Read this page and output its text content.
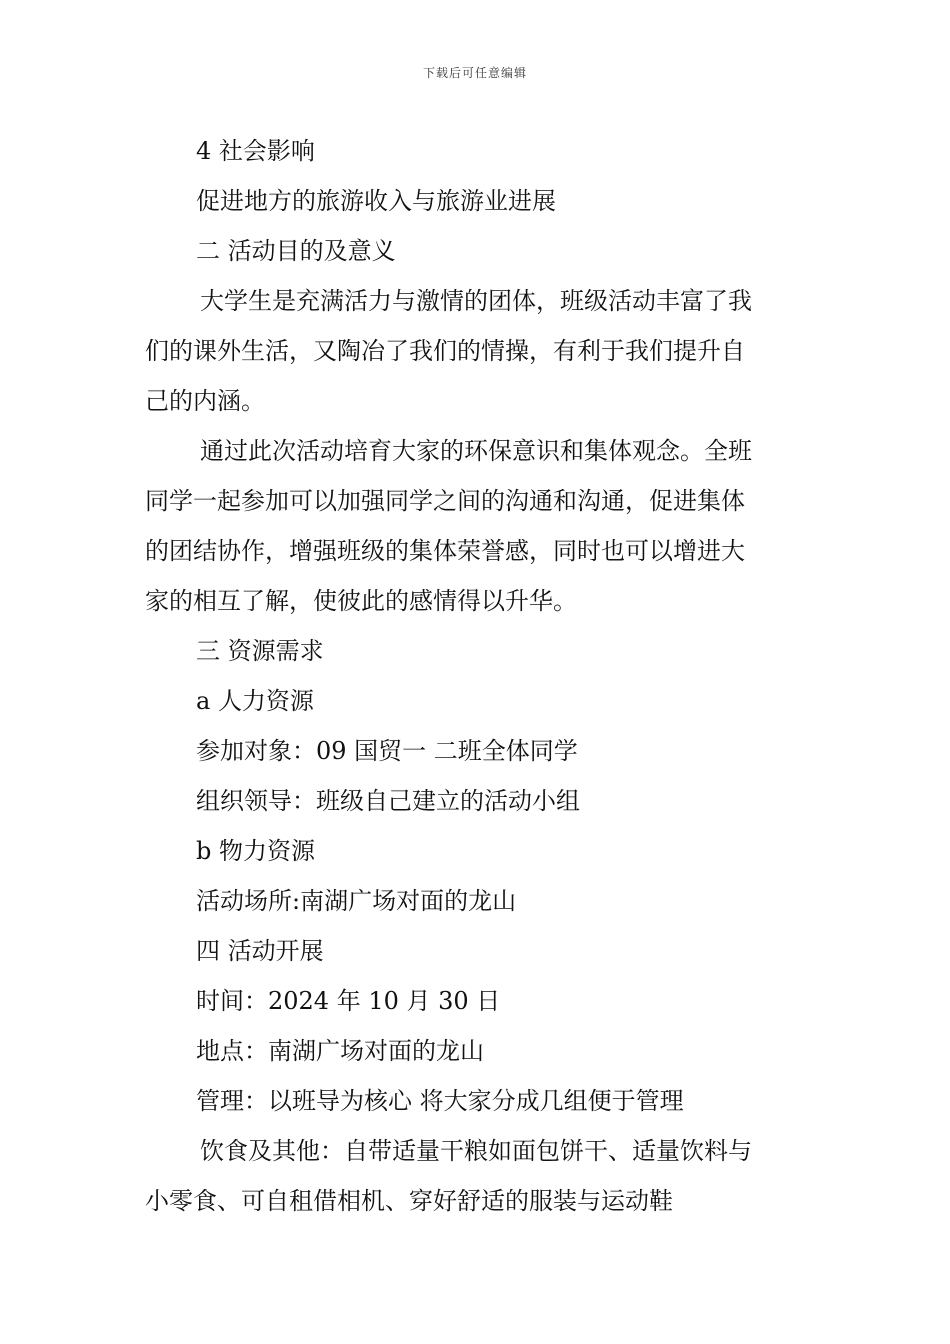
下载后可任意编辑
4 社会影响
促进地方的旅游收入与旅游业进展
二 活动目的及意义
大学生是充满活力与激情的团体，班级活动丰富了我
们的课外生活，又陶冶了我们的情操，有利于我们提升自
己的内涵。
通过此次活动培育大家的环保意识和集体观念。全班
同学一起参加可以加强同学之间的沟通和沟通，促进集体
的团结协作，增强班级的集体荣誉感，同时也可以增进大
家的相互了解，使彼此的感情得以升华。
三 资源需求
a 人力资源
参加对象：09 国贸一 二班全体同学
组织领导：班级自己建立的活动小组
b 物力资源
活动场所:南湖广场对面的龙山
四 活动开展
时间：2024 年 10 月 30 日
地点：南湖广场对面的龙山
管理：以班导为核心 将大家分成几组便于管理
饮食及其他：自带适量干粮如面包饼干、适量饮料与
小零食、可自租借相机、穿好舒适的服装与运动鞋
